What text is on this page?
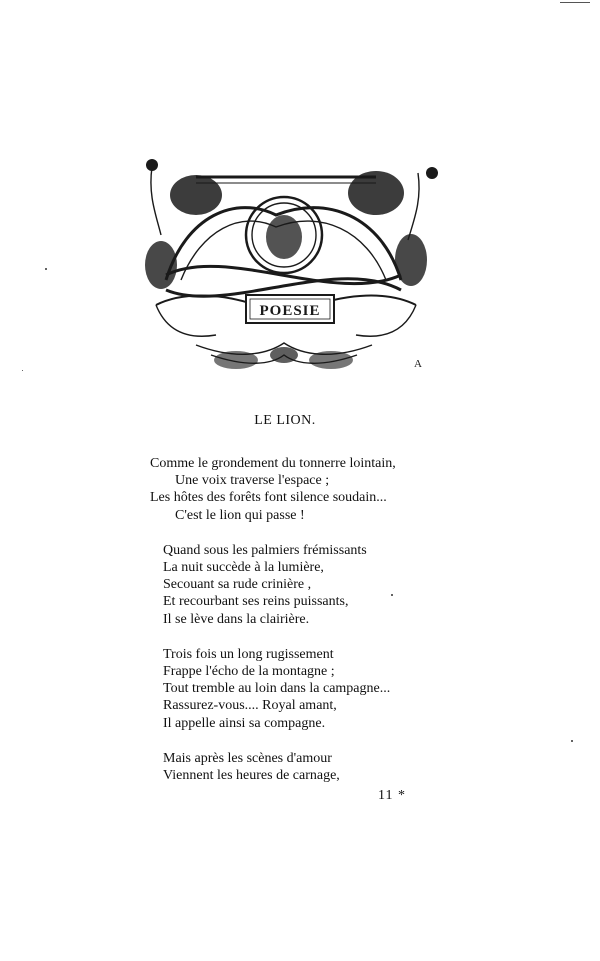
POESIE
A
LE LION.
Comme le grondement du tonnerre lointain,
Une voix traverse l'espace ;
Les hôtes des forêts font silence soudain...
C'est le lion qui passe !
Quand sous les palmiers frémissants
La nuit succède à la lumière,
Secouant sa rude crinière ,
Et recourbant ses reins puissants,
Il se lève dans la clairière.
Trois fois un long rugissement
Frappe l'écho de la montagne ;
Tout tremble au loin dans la campagne...
Rassurez-vous.... Royal amant,
Il appelle ainsi sa compagne.
Mais après les scènes d'amour
Viennent les heures de carnage,
11 *
